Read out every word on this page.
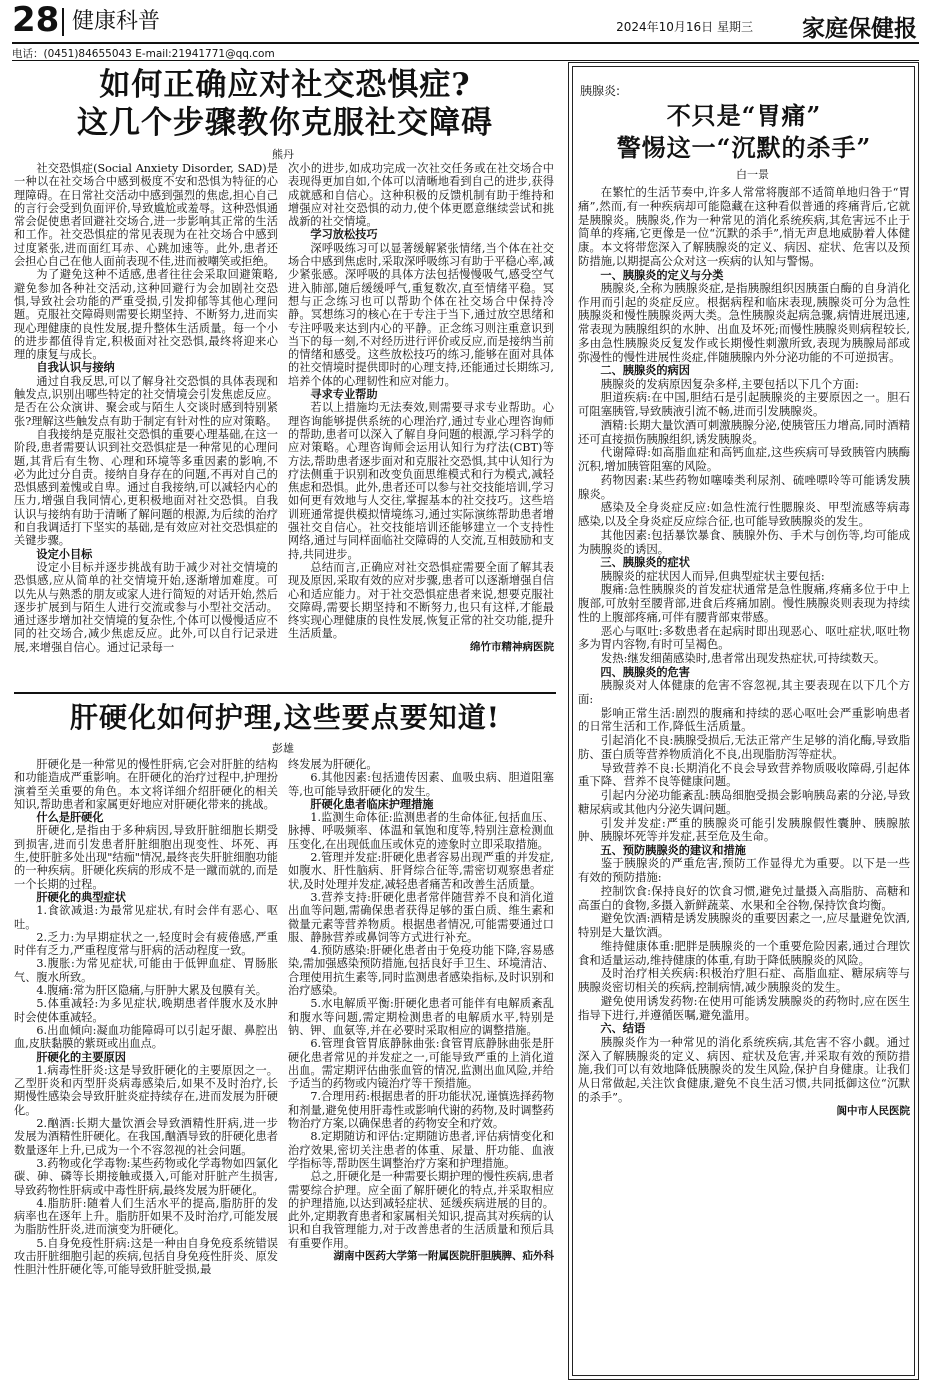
28 健康科普	2024年10月16日 星期三 家庭保健报
电话：(0451)84655043 E-mail:21941771@qq.com
如何正确应对社交恐惧症?
这几个步骤教你克服社交障碍
熊丹

社交恐惧症(Social Anxiety Disorder, SAD)是一种以在社交场合中感到极度不安和恐惧为特征的心理障碍。在日常社交活动中感到强烈的焦虑,担心自己的言行会受到负面评价,导致尴尬或羞辱。这种恐惧通常会促使患者回避社交场合,进一步影响其正常的生活和工作。社交恐惧症的常见表现为在社交场合中感到过度紧张,进而面红耳赤、心跳加速等。此外,患者还会担心自己在他人面前表现不佳,进而被嘲笑或拒绝。

为了避免这种不适感,患者往往会采取回避策略,避免参加各种社交活动,这种回避行为会加剧社交恐惧,导致社会功能的严重受损,引发抑郁等其他心理问题。克服社交障碍则需要长期坚持、不断努力,进而实现心理健康的良性发展,提升整体生活质量。每一个小的进步都值得肯定,积极面对社交恐惧,最终将迎来心理的康复与成长。

自我认识与接纳

通过自我反思,可以了解身社交恐惧的具体表现和触发点,识别出哪些特定的社交情境会引发焦虑反应。是否在公众演讲、聚会或与陌生人交谈时感到特别紧张?理解这些触发点有助于制定有针对性的应对策略。

自我接纳是克服社交恐惧的重要心理基础,在这一阶段,患者需要认识到社交恐惧症是一种常见的心理问题,其背后有生物、心理和环境等多重因素的影响,不必为此过分自责。接纳自身存在的问题,不再对自己的恐惧感到羞愧或自卑。通过自我接纳,可以减轻内心的压力,增强自我同情心,更积极地面对社交恐惧。自我认识与接纳有助于清晰了解问题的根源,为后续的治疗和自我调适打下坚实的基础,是有效应对社交恐惧症的关键步骤。

设定小目标

设定小目标并逐步挑战有助于减少对社交情境的恐惧感,应从简单的社交情境开始,逐渐增加难度。可以先从与熟悉的朋友或家人进行简短的对话开始,然后逐步扩展到与陌生人进行交流或参与小型社交活动。通过逐步增加社交情境的复杂性,个体可以慢慢适应不同的社交场合,减少焦虑反应。此外,可以自行记录进展,来增强自信心。通过记录每一

次小的进步,如成功完成一次社交任务或在社交场合中表现得更加自如,个体可以清晰地看到自己的进步,获得成就感和自信心。这种积极的反馈机制有助于维持和增强应对社交恐惧的动力,使个体更愿意继续尝试和挑战新的社交情境。

学习放松技巧

深呼吸练习可以显著缓解紧张情绪,当个体在社交场合中感到焦虑时,采取深呼吸练习有助于平稳心率,减少紧张感。深呼吸的具体方法包括慢慢吸气,感受空气进入肺部,随后缓缓呼气,重复数次,直至情绪平稳。冥想与正念练习也可以帮助个体在社交场合中保持冷静。冥想练习的核心在于专注于当下,通过放空思绪和专注呼吸来达到内心的平静。正念练习则注重意识到当下的每一刻,不对经历进行评价或反应,而是接纳当前的情绪和感受。这些放松技巧的练习,能够在面对具体的社交情境时提供即时的心理支持,还能通过长期练习,培养个体的心理韧性和应对能力。

寻求专业帮助

若以上措施均无法奏效,则需要寻求专业帮助。心理咨询能够提供系统的心理治疗,通过专业心理咨询师的帮助,患者可以深入了解自身问题的根源,学习科学的应对策略。心理咨询师会运用认知行为疗法(CBT)等方法,帮助患者逐步面对和克服社交恐惧,其中认知行为疗法侧重于识别和改变负面思维模式和行为模式,减轻焦虑和恐惧。此外,患者还可以参与社交技能培训,学习如何更有效地与人交往,掌握基本的社交技巧。这些培训班通常提供模拟情境练习,通过实际演练帮助患者增强社交自信心。社交技能培训还能够建立一个支持性网络,通过与同样面临社交障碍的人交流,互相鼓励和支持,共同进步。

总结而言,正确应对社交恐惧症需要全面了解其表现及原因,采取有效的应对步骤,患者可以逐渐增强自信心和适应能力。对于社交恐惧症患者来说,想要克服社交障碍,需要长期坚持和不断努力,也只有这样,才能最终实现心理健康的良性发展,恢复正常的社交功能,提升生活质量。

绵竹市精神病医院
肝硬化如何护理,这些要点要知道!
彭雄

肝硬化是一种常见的慢性肝病,它会对肝脏的结构和功能造成严重影响。在肝硬化的治疗过程中,护理扮演着至关重要的角色。本文将详细介绍肝硬化的相关知识,帮助患者和家属更好地应对肝硬化带来的挑战。

什么是肝硬化

肝硬化,是指由于多种病因,导致肝脏细胞长期受到损害,进而引发患者肝脏细胞出现变性、坏死、再生,使肝脏多处出现"结痂"情况,最终丧失肝脏细胞功能的一种疾病。肝硬化疾病的形成不是一蹴而就的,而是一个长期的过程。

肝硬化的典型症状

1.食欲减退:为最常见症状,有时会伴有恶心、呕吐。

2.乏力:为早期症状之一,轻度时会有疲倦感,严重时伴有乏力,严重程度常与肝病的活动程度一致。

3.腹胀:为常见症状,可能由于低钾血症、胃肠胀气、腹水所致。

4.腹痛:常为肝区隐痛,与肝肿大累及包膜有关。

5.体重减轻:为多见症状,晚期患者伴腹水及水肿时会使体重减轻。

6.出血倾向:凝血功能障碍可以引起牙龈、鼻腔出血,皮肤黏膜的紫斑或出血点。

肝硬化的主要原因

1.病毒性肝炎:这是导致肝硬化的主要原因之一。乙型肝炎和丙型肝炎病毒感染后,如果不及时治疗,长期慢性感染会导致肝脏炎症持续存在,进而发展为肝硬化。

2.酗酒:长期大量饮酒会导致酒精性肝病,进一步发展为酒精性肝硬化。在我国,酗酒导致的肝硬化患者数量逐年上升,已成为一个不容忽视的社会问题。

3.药物或化学毒物:某些药物或化学毒物如四氯化碳、砷、磷等长期接触或摄入,可能对肝脏产生损害,导致药物性肝病或中毒性肝病,最终发展为肝硬化。

4.脂肪肝:随着人们生活水平的提高,脂肪肝的发病率也在逐年上升。脂肪肝如果不及时治疗,可能发展为脂肪性肝炎,进而演变为肝硬化。

5.自身免疫性肝病:这是一种由自身免疫系统错误攻击肝脏细胞引起的疾病,包括自身免疫性肝炎、原发性胆汁性肝硬化等,可能导致肝脏受损,最

终发展为肝硬化。

6.其他因素:包括遗传因素、血吸虫病、胆道阻塞等,也可能导致肝硬化的发生。

肝硬化患者临床护理措施

1.监测生命体征:监测患者的生命体征,包括血压、脉搏、呼吸频率、体温和氧饱和度等,特别注意检测血压变化,在出现低血压或休克的迹象时立即采取措施。

2.管理并发症:肝硬化患者容易出现严重的并发症,如腹水、肝性脑病、肝肾综合征等,需密切观察患者症状,及时处理并发症,减轻患者痛苦和改善生活质量。

3.营养支持:肝硬化患者常伴随营养不良和消化道出血等问题,需确保患者获得足够的蛋白质、维生素和微量元素等营养物质。根据患者情况,可能需要通过口服、静脉营养或鼻饲等方式进行补充。

4.预防感染:肝硬化患者由于免疫功能下降,容易感染,需加强感染预防措施,包括良好手卫生、环境清洁、合理使用抗生素等,同时监测患者感染指标,及时识别和治疗感染。

5.水电解质平衡:肝硬化患者可能伴有电解质紊乱和腹水等问题,需定期检测患者的电解质水平,特别是钠、钾、血氨等,并在必要时采取相应的调整措施。

6.管理食管胃底静脉曲张:食管胃底静脉曲张是肝硬化患者常见的并发症之一,可能导致严重的上消化道出血。需定期评估曲张血管的情况,监测出血风险,并给予适当的药物或内镜治疗等干预措施。

7.合理用药:根据患者的肝功能状况,谨慎选择药物和剂量,避免使用肝毒性或影响代谢的药物,及时调整药物治疗方案,以确保患者的药物安全和疗效。

8.定期随访和评估:定期随访患者,评估病情变化和治疗效果,密切关注患者的体重、尿量、肝功能、血液学指标等,帮助医生调整治疗方案和护理措施。

总之,肝硬化是一种需要长期护理的慢性疾病,患者需要综合护理。应全面了解肝硬化的特点,并采取相应的护理措施,以达到减轻症状、延缓疾病进展的目的。此外,定期教育患者和家属相关知识,提高其对疾病的认识和自我管理能力,对于改善患者的生活质量和预后具有重要作用。

湖南中医药大学第一附属医院肝胆胰脾、疝外科
胰腺炎:
不只是“胃痛”
警惕这一“沉默的杀手”
白一景

在繁忙的生活节奏中,许多人常常将腹部不适简单地归咎于“胃痛”,然而,有一种疾病却可能隐藏在这种看似普通的疼痛背后,它就是胰腺炎。胰腺炎,作为一种常见的消化系统疾病,其危害远不止于简单的疼痛,它更像是一位“沉默的杀手”,悄无声息地威胁着人体健康。本文将带您深入了解胰腺炎的定义、病因、症状、危害以及预防措施,以期提高公众对这一疾病的认知与警惕。

一、胰腺炎的定义与分类

胰腺炎,全称为胰腺炎症,是指胰腺组织因胰蛋白酶的自身消化作用而引起的炎症反应。根据病程和临床表现,胰腺炎可分为急性胰腺炎和慢性胰腺炎两大类。急性胰腺炎起病急骤,病情进展迅速,常表现为胰腺组织的水肿、出血及坏死;而慢性胰腺炎则病程较长,多由急性胰腺炎反复发作或长期慢性刺激所致,表现为胰腺局部或弥漫性的慢性进展性炎症,伴随胰腺内外分泌功能的不可逆损害。

二、胰腺炎的病因

胰腺炎的发病原因复杂多样,主要包括以下几个方面:

胆道疾病:在中国,胆结石是引起胰腺炎的主要原因之一。胆石可阻塞胰管,导致胰液引流不畅,进而引发胰腺炎。

酒精:长期大量饮酒可刺激胰腺分泌,使胰管压力增高,同时酒精还可直接损伤胰腺组织,诱发胰腺炎。

代谢障碍:如高脂血症和高钙血症,这些疾病可导致胰管内胰酶沉积,增加胰管阻塞的风险。

药物因素:某些药物如噻嗪类利尿剂、硫唑嘌呤等可能诱发胰腺炎。

感染及全身炎症反应:如急性流行性腮腺炎、甲型流感等病毒感染,以及全身炎症反应综合征,也可能导致胰腺炎的发生。

其他因素:包括暴饮暴食、胰腺外伤、手术与创伤等,均可能成为胰腺炎的诱因。

三、胰腺炎的症状

胰腺炎的症状因人而异,但典型症状主要包括:

腹痛:急性胰腺炎的首发症状通常是急性腹痛,疼痛多位于中上腹部,可放射至腰背部,进食后疼痛加剧。慢性胰腺炎则表现为持续性的上腹部疼痛,可伴有腰背部束带感。

恶心与呕吐:多数患者在起病时即出现恶心、呕吐症状,呕吐物多为胃内容物,有时可呈褐色。

发热:继发细菌感染时,患者常出现发热症状,可持续数天。

四、胰腺炎的危害

胰腺炎对人体健康的危害不容忽视,其主要表现在以下几个方面:

影响正常生活:剧烈的腹痛和持续的恶心呕吐会严重影响患者的日常生活和工作,降低生活质量。

引起消化不良:胰腺受损后,无法正常产生足够的消化酶,导致脂肪、蛋白质等营养物质消化不良,出现脂肪泻等症状。

导致营养不良:长期消化不良会导致营养物质吸收障碍,引起体重下降、营养不良等健康问题。

引起内分泌功能紊乱:胰岛细胞受损会影响胰岛素的分泌,导致糖尿病或其他内分泌失调问题。

引发并发症:严重的胰腺炎可能引发胰腺假性囊肿、胰腺脓肿、胰腺坏死等并发症,甚至危及生命。

五、预防胰腺炎的建议和措施

鉴于胰腺炎的严重危害,预防工作显得尤为重要。以下是一些有效的预防措施:

控制饮食:保持良好的饮食习惯,避免过量摄入高脂肪、高糖和高蛋白的食物,多摄入新鲜蔬菜、水果和全谷物,保持饮食均衡。

避免饮酒:酒精是诱发胰腺炎的重要因素之一,应尽量避免饮酒,特别是大量饮酒。

维持健康体重:肥胖是胰腺炎的一个重要危险因素,通过合理饮食和适量运动,维持健康的体重,有助于降低胰腺炎的风险。

及时治疗相关疾病:积极治疗胆石症、高脂血症、糖尿病等与胰腺炎密切相关的疾病,控制病情,减少胰腺炎的发生。

避免使用诱发药物:在使用可能诱发胰腺炎的药物时,应在医生指导下进行,并遵循医嘱,避免滥用。

六、结语

胰腺炎作为一种常见的消化系统疾病,其危害不容小觑。通过深入了解胰腺炎的定义、病因、症状及危害,并采取有效的预防措施,我们可以有效地降低胰腺炎的发生风险,保护自身健康。让我们从日常做起,关注饮食健康,避免不良生活习惯,共同抵御这位“沉默的杀手”。

阆中市人民医院
